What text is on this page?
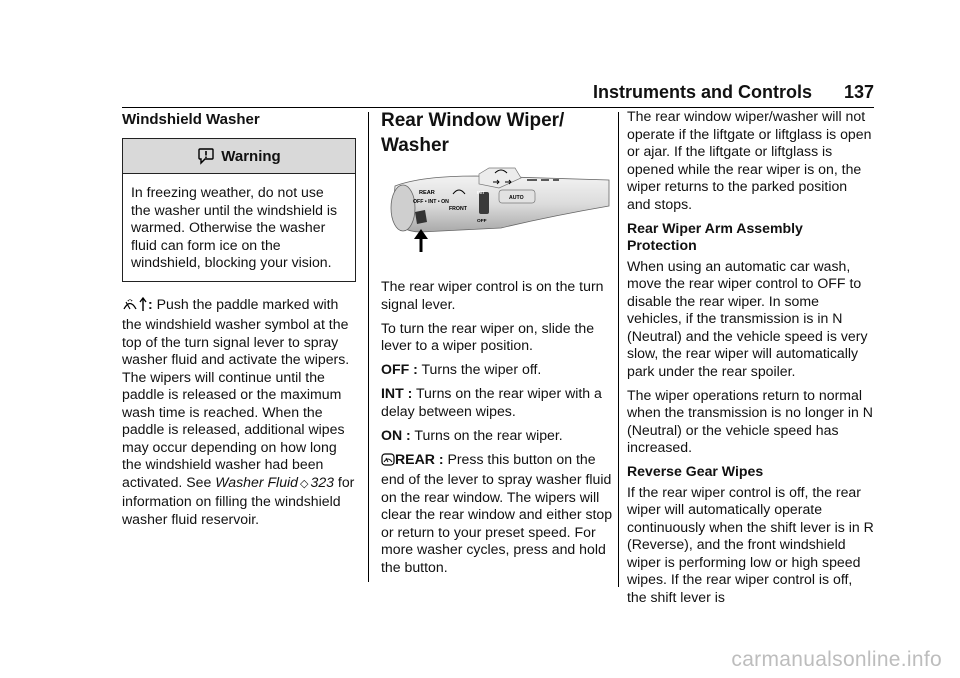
Instruments and Controls 137
Windshield Washer
Warning

In freezing weather, do not use the washer until the windshield is warmed. Otherwise the washer fluid can form ice on the windshield, blocking your vision.

: Push the paddle marked with the windshield washer symbol at the top of the turn signal lever to spray washer fluid and activate the wipers. The wipers will continue until the paddle is released or the maximum wash time is reached. When the paddle is released, additional wipes may occur depending on how long the windshield washer had been activated. See Washer Fluid ◇ 323 for information on filling the windshield washer fluid reservoir.

Rear Window Wiper/
Washer
REAR
OFF • INT • ON
FRONT
INT
OFF
AUTO

The rear wiper control is on the turn signal lever.

To turn the rear wiper on, slide the lever to a wiper position.

OFF : Turns the wiper off.

INT : Turns on the rear wiper with a delay between wipes.

ON : Turns on the rear wiper.

REAR : Press this button on the end of the lever to spray washer fluid on the rear window. The wipers will clear the rear window and either stop or return to your preset speed. For more washer cycles, press and hold the button.

The rear window wiper/washer will not operate if the liftgate or liftglass is open or ajar. If the liftgate or liftglass is opened while the rear wiper is on, the wiper returns to the parked position and stops.

Rear Wiper Arm Assembly Protection

When using an automatic car wash, move the rear wiper control to OFF to disable the rear wiper. In some vehicles, if the transmission is in N (Neutral) and the vehicle speed is very slow, the rear wiper will automatically park under the rear spoiler.

The wiper operations return to normal when the transmission is no longer in N (Neutral) or the vehicle speed has increased.

Reverse Gear Wipes

If the rear wiper control is off, the rear wiper will automatically operate continuously when the shift lever is in R (Reverse), and the front windshield wiper is performing low or high speed wipes. If the rear wiper control is off, the shift lever is

carmanualsonline.info
